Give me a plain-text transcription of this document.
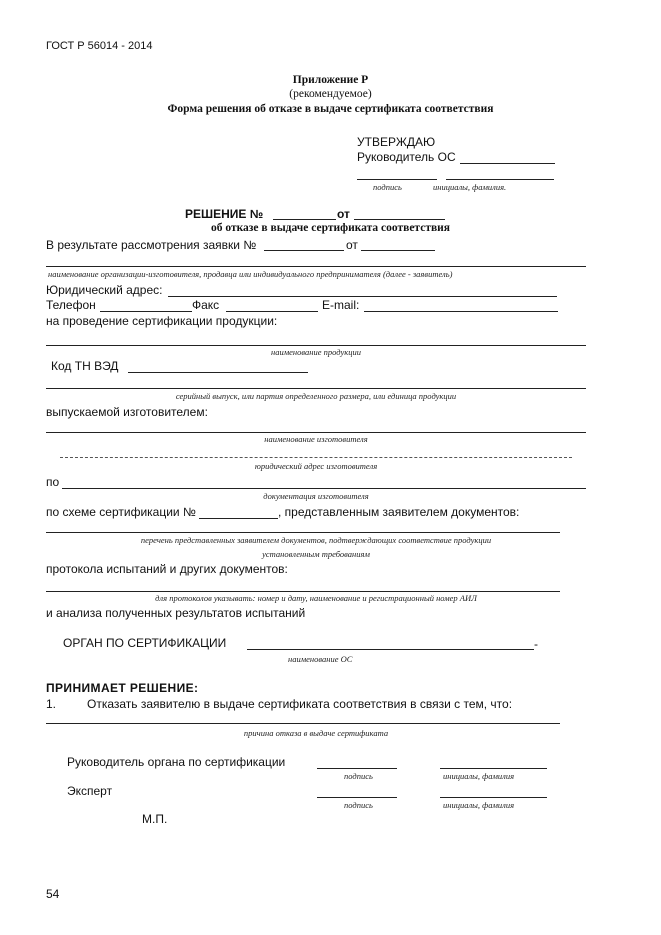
ГОСТ Р 56014 - 2014
Приложение Р
(рекомендуемое)
Форма решения об отказе в выдаче сертификата соответствия
УТВЕРЖДАЮ
Руководитель ОС
подпись	инициалы, фамилия.
РЕШЕНИЕ №	от
об отказе в выдаче сертификата соответствия
В результате рассмотрения заявки №	от
наименование организации-изготовителя, продавца или индивидуального предпринимателя (далее - заявитель)
Юридический адрес:
Телефон	Факс	E-mail:
на проведение сертификации продукции:
наименование продукции
Код ТН ВЭД
серийный выпуск, или партия определенного размера, или единица продукции
выпускаемой изготовителем:
наименование изготовителя
юридический адрес изготовителя
по
документация изготовителя
по схеме сертификации №	, представленным заявителем документов:
перечень представленных заявителем документов, подтверждающих соответствие продукции
установленным требованиям
протокола испытаний и других документов:
для протоколов указывать: номер и дату, наименование и регистрационный номер АИЛ
и анализа полученных результатов испытаний
ОРГАН ПО СЕРТИФИКАЦИИ	-
наименование ОС
ПРИНИМАЕТ РЕШЕНИЕ:
1.	Отказать заявителю в выдаче сертификата соответствия в связи с тем, что:
причина отказа в выдаче сертификата
Руководитель органа по сертификации
подпись	инициалы, фамилия
Эксперт
подпись	инициалы, фамилия
М.П.
54
